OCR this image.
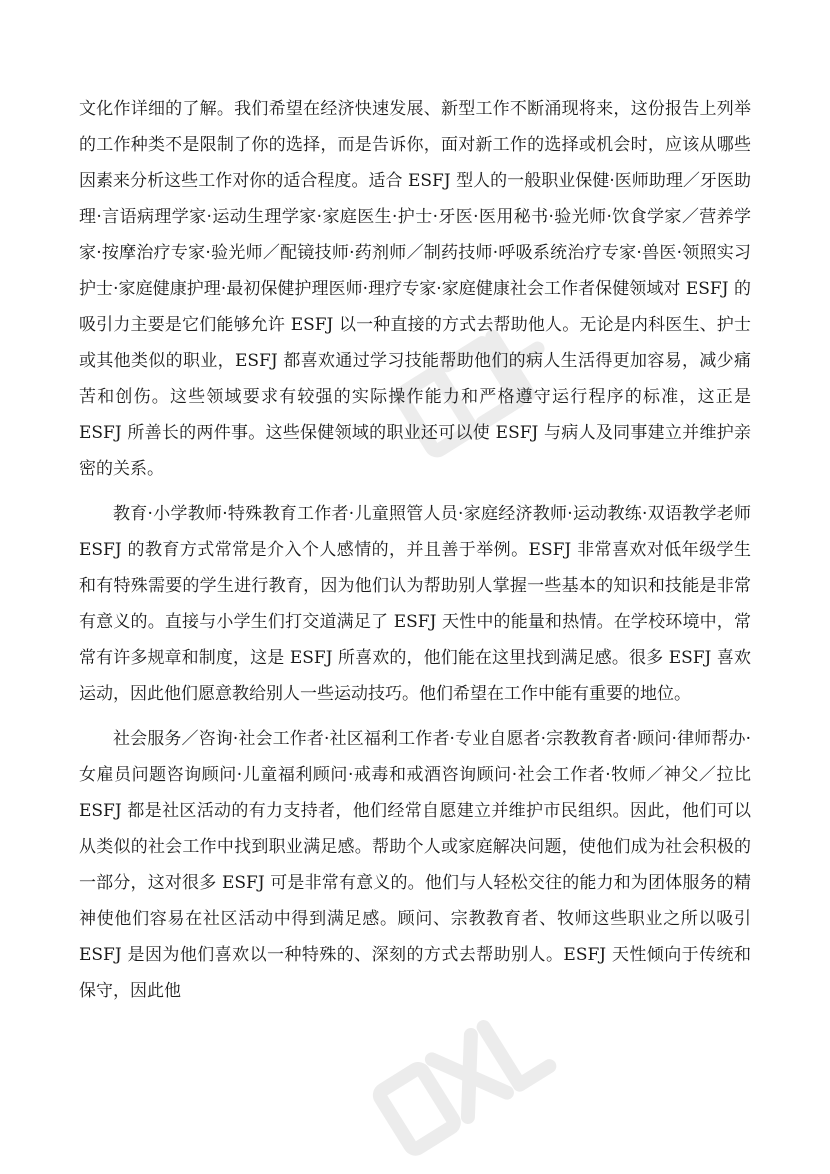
文化作详细的了解。我们希望在经济快速发展、新型工作不断涌现将来，这份报告上列举的工作种类不是限制了你的选择，而是告诉你，面对新工作的选择或机会时，应该从哪些因素来分析这些工作对你的适合程度。适合 ESFJ 型人的一般职业保健·医师助理／牙医助理·言语病理学家·运动生理学家·家庭医生·护士·牙医·医用秘书·验光师·饮食学家／营养学家·按摩治疗专家·验光师／配镜技师·药剂师／制药技师·呼吸系统治疗专家·兽医·领照实习护士·家庭健康护理·最初保健护理医师·理疗专家·家庭健康社会工作者保健领域对 ESFJ 的吸引力主要是它们能够允许 ESFJ 以一种直接的方式去帮助他人。无论是内科医生、护士或其他类似的职业，ESFJ 都喜欢通过学习技能帮助他们的病人生活得更加容易，减少痛苦和创伤。这些领域要求有较强的实际操作能力和严格遵守运行程序的标准，这正是 ESFJ 所善长的两件事。这些保健领域的职业还可以使 ESFJ 与病人及同事建立并维护亲密的关系。

教育·小学教师·特殊教育工作者·儿童照管人员·家庭经济教师·运动教练·双语教学老师 ESFJ 的教育方式常常是介入个人感情的，并且善于举例。ESFJ 非常喜欢对低年级学生和有特殊需要的学生进行教育，因为他们认为帮助别人掌握一些基本的知识和技能是非常有意义的。直接与小学生们打交道满足了 ESFJ 天性中的能量和热情。在学校环境中，常常有许多规章和制度，这是 ESFJ 所喜欢的，他们能在这里找到满足感。很多 ESFJ 喜欢运动，因此他们愿意教给别人一些运动技巧。他们希望在工作中能有重要的地位。

社会服务／咨询·社会工作者·社区福利工作者·专业自愿者·宗教教育者·顾问·律师帮办·女雇员问题咨询顾问·儿童福利顾问·戒毒和戒酒咨询顾问·社会工作者·牧师／神父／拉比 ESFJ 都是社区活动的有力支持者，他们经常自愿建立并维护市民组织。因此，他们可以从类似的社会工作中找到职业满足感。帮助个人或家庭解决问题，使他们成为社会积极的一部分，这对很多 ESFJ 可是非常有意义的。他们与人轻松交往的能力和为团体服务的精神使他们容易在社区活动中得到满足感。顾问、宗教教育者、牧师这些职业之所以吸引 ESFJ 是因为他们喜欢以一种特殊的、深刻的方式去帮助别人。ESFJ 天性倾向于传统和保守，因此他
